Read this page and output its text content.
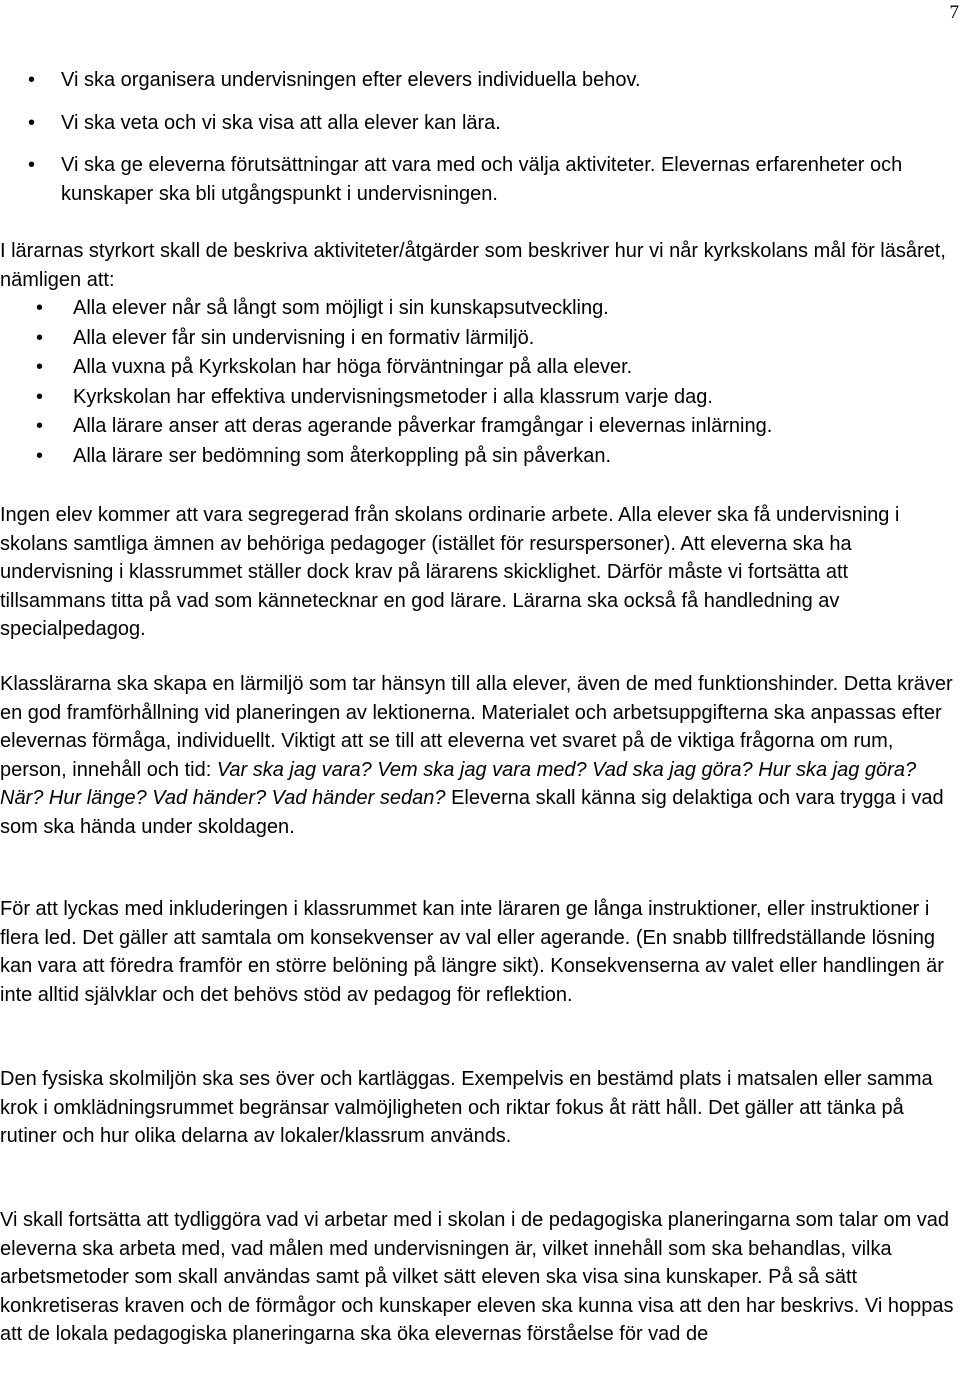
7
• Vi ska organisera undervisningen efter elevers individuella behov.
• Vi ska veta och vi ska visa att alla elever kan lära.
• Vi ska ge eleverna förutsättningar att vara med och välja aktiviteter. Elevernas erfarenheter och kunskaper ska bli utgångspunkt i undervisningen.

I lärarnas styrkort skall de beskriva aktiviteter/åtgärder som beskriver hur vi når kyrkskolans mål för läsåret, nämligen att:

• Alla elever når så långt som möjligt i sin kunskapsutveckling.
• Alla elever får sin undervisning i en formativ lärmiljö.
• Alla vuxna på Kyrkskolan har höga förväntningar på alla elever.
• Kyrkskolan har effektiva undervisningsmetoder i alla klassrum varje dag.
• Alla lärare anser att deras agerande påverkar framgångar i elevernas inlärning.
• Alla lärare ser bedömning som återkoppling på sin påverkan.

Ingen elev kommer att vara segregerad från skolans ordinarie arbete. Alla elever ska få undervisning i skolans samtliga ämnen av behöriga pedagoger (istället för resurspersoner). Att eleverna ska ha undervisning i klassrummet ställer dock krav på lärarens skicklighet. Därför måste vi fortsätta att tillsammans titta på vad som kännetecknar en god lärare. Lärarna ska också få handledning av specialpedagog.

Klasslärarna ska skapa en lärmiljö som tar hänsyn till alla elever, även de med funktionshinder. Detta kräver en god framförhållning vid planeringen av lektionerna. Materialet och arbetsuppgifterna ska anpassas efter elevernas förmåga, individuellt. Viktigt att se till att eleverna vet svaret på de viktiga frågorna om rum, person, innehåll och tid: Var ska jag vara? Vem ska jag vara med? Vad ska jag göra? Hur ska jag göra? När? Hur länge? Vad händer? Vad händer sedan? Eleverna skall känna sig delaktiga och vara trygga i vad som ska hända under skoldagen.

För att lyckas med inkluderingen i klassrummet kan inte läraren ge långa instruktioner, eller instruktioner i flera led. Det gäller att samtala om konsekvenser av val eller agerande. (En snabb tillfredställande lösning kan vara att föredra framför en större belöning på längre sikt). Konsekvenserna av valet eller handlingen är inte alltid självklar och det behövs stöd av pedagog för reflektion.

Den fysiska skolmiljön ska ses över och kartläggas. Exempelvis en bestämd plats i matsalen eller samma krok i omklädningsrummet begränsar valmöjligheten och riktar fokus åt rätt håll. Det gäller att tänka på rutiner och hur olika delarna av lokaler/klassrum används.

Vi skall fortsätta att tydliggöra vad vi arbetar med i skolan i de pedagogiska planeringarna som talar om vad eleverna ska arbeta med, vad målen med undervisningen är, vilket innehåll som ska behandlas, vilka arbetsmetoder som skall användas samt på vilket sätt eleven ska visa sina kunskaper. På så sätt konkretiseras kraven och de förmågor och kunskaper eleven ska kunna visa att den har beskrivs. Vi hoppas att de lokala pedagogiska planeringarna ska öka elevernas förståelse för vad de
